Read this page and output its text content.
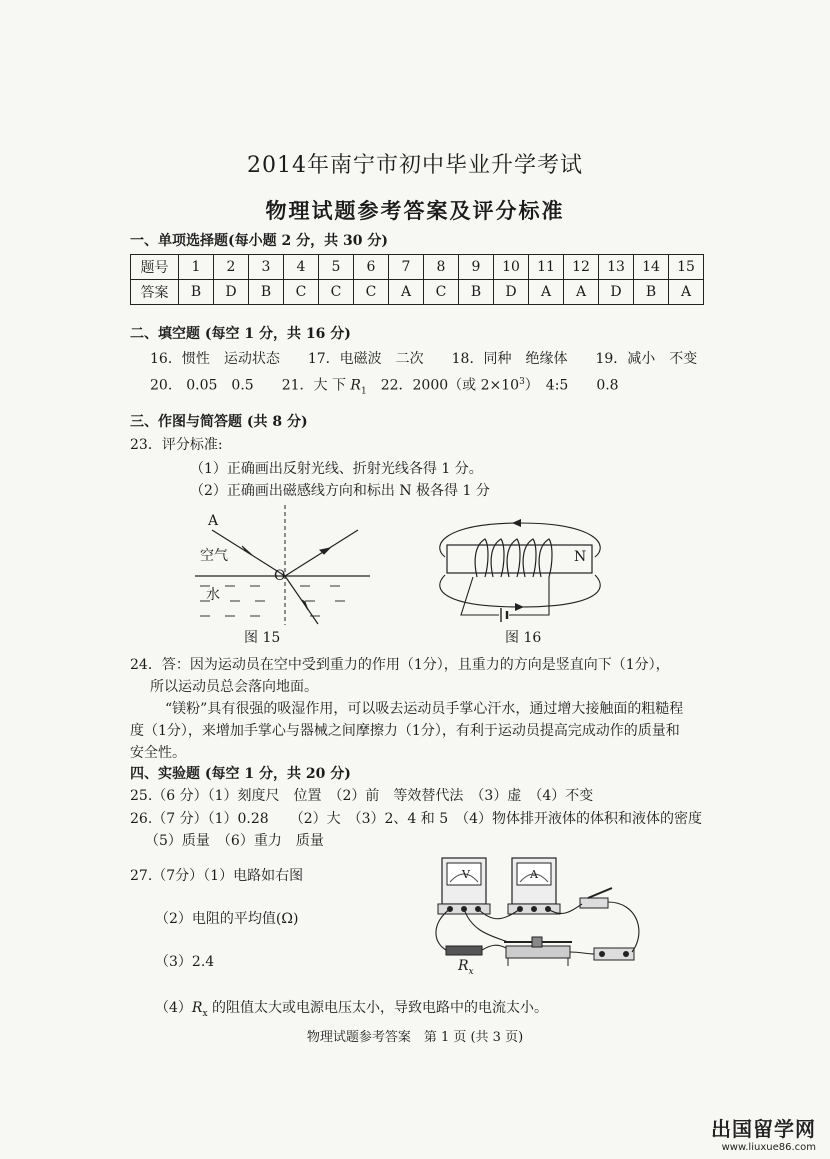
2014年南宁市初中毕业升学考试
物理试题参考答案及评分标准
一、单项选择题(每小题 2 分，共 30 分)
题号	1	2	3	4	5	6	7	8	9	10	11	12	13	14	15
答案	B	D	B	C	C	C	A	C	B	D	A	A	D	B	A
二、填空题 (每空 1 分，共 16 分)
16．惯性　运动状态　　17．电磁波　二次　　18．同种　绝缘体　　19．减小　不变
20.　0.05　0.5　　21．大 下 $R_1$　22．2000（或 $2\times 10^3$）　4:5　　0.8
三、作图与简答题 (共 8 分)
23．评分标准:
（1）正确画出反射光线、折射光线各得 1 分。
（2）正确画出磁感线方向和标出 N 极各得 1 分
A
空气
O
水
图 15
N
图 16
24．答：因为运动员在空中受到重力的作用（1分），且重力的方向是竖直向下（1分），
所以运动员总会落向地面。
“镁粉”具有很强的吸湿作用，可以吸去运动员手掌心汗水，通过增大接触面的粗糙程
度（1分），来增加手掌心与器械之间摩擦力（1分），有利于运动员提高完成动作的质量和
安全性。
四、实验题 (每空 1 分，共 20 分)
25.（6 分）（1）刻度尺　位置　（2）前　等效替代法　（3）虚　（4）不变
26.（7 分）（1）0.28　　（2）大　（3）2、4 和 5　（4）物体排开液体的体积和液体的密度
（5）质量　（6）重力　质量
27.（7分）（1）电路如右图
（2）电阻的平均值(Ω)
（3）2.4
V	A
$R_x$
$(4)R_x$ 的阻值太大或电源电压太小，导致电路中的电流太小。
物理试题参考答案　第 1 页 (共 3 页)
出国留学网
www.liuxue86.com
